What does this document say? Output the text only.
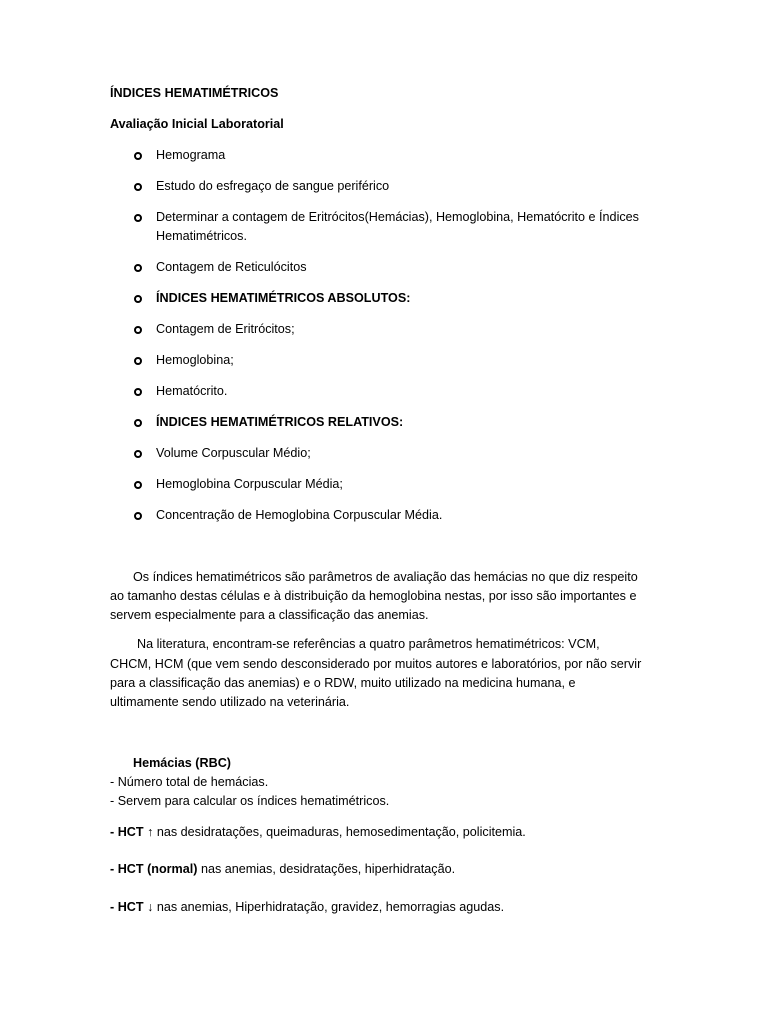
ÍNDICES HEMATIMÉTRICOS
Avaliação Inicial Laboratorial
Hemograma
Estudo do esfregaço de sangue periférico
Determinar a contagem de Eritrócitos(Hemácias), Hemoglobina, Hematócrito e Índices
Hematimétricos.
Contagem de Reticulócitos
ÍNDICES HEMATIMÉTRICOS ABSOLUTOS:
Contagem de Eritrócitos;
Hemoglobina;
Hematócrito.
ÍNDICES HEMATIMÉTRICOS RELATIVOS:
Volume Corpuscular Médio;
Hemoglobina Corpuscular Média;
Concentração de Hemoglobina Corpuscular Média.
Os índices hematimétricos são parâmetros de avaliação das hemácias no que diz respeito
ao tamanho destas células e à distribuição da hemoglobina nestas, por isso são importantes e
servem especialmente para a classificação das anemias.
Na literatura, encontram-se referências a quatro parâmetros hematimétricos: VCM,
CHCM, HCM (que vem sendo desconsiderado por muitos autores e laboratórios, por não servir
para a classificação das anemias) e o RDW, muito utilizado na medicina humana, e
ultimamente sendo utilizado na veterinária.
Hemácias (RBC)
- Número total de hemácias.
- Servem para calcular os índices hematimétricos.
- HCT ↑ nas desidratações, queimaduras, hemosedimentação, policitemia.
- HCT (normal) nas anemias, desidratações, hiperhidratação.
- HCT ↓ nas anemias, Hiperhidratação, gravidez, hemorragias agudas.
